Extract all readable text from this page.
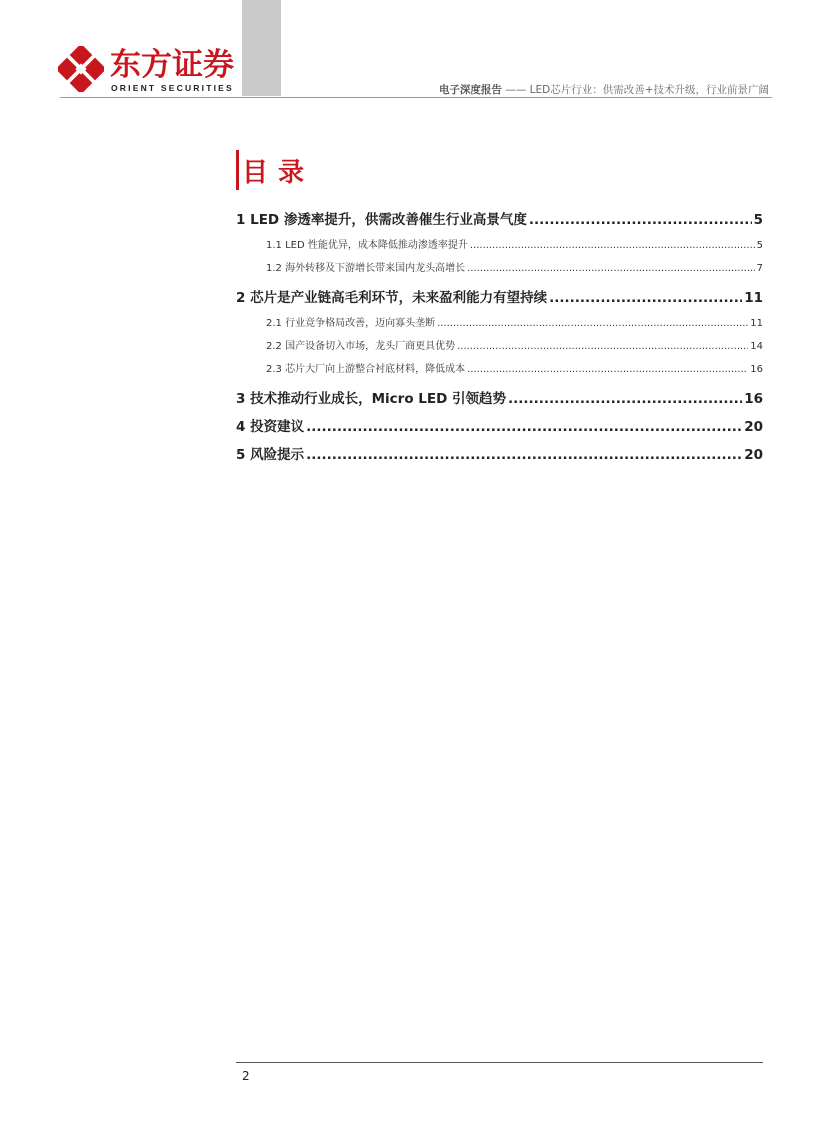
东方证券
ORIENT SECURITIES	电子深度报告 —— LED芯片行业：供需改善+技术升级，行业前景广阔
目录
1 LED 渗透率提升，供需改善催生行业高景气度 .....	5
1.1 LED 性能优异，成本降低推动渗透率提升 .....	5
1.2 海外转移及下游增长带来国内龙头高增长 .....	7
2 芯片是产业链高毛利环节，未来盈利能力有望持续 .....	11
2.1 行业竞争格局改善，迈向寡头垄断 .....	11
2.2 国产设备切入市场，龙头厂商更具优势 .....	14
2.3 芯片大厂向上游整合衬底材料，降低成本 .....	16
3 技术推动行业成长，Micro LED 引领趋势 .....	16
4 投资建议 .....	20
5 风险提示 .....	20
2
